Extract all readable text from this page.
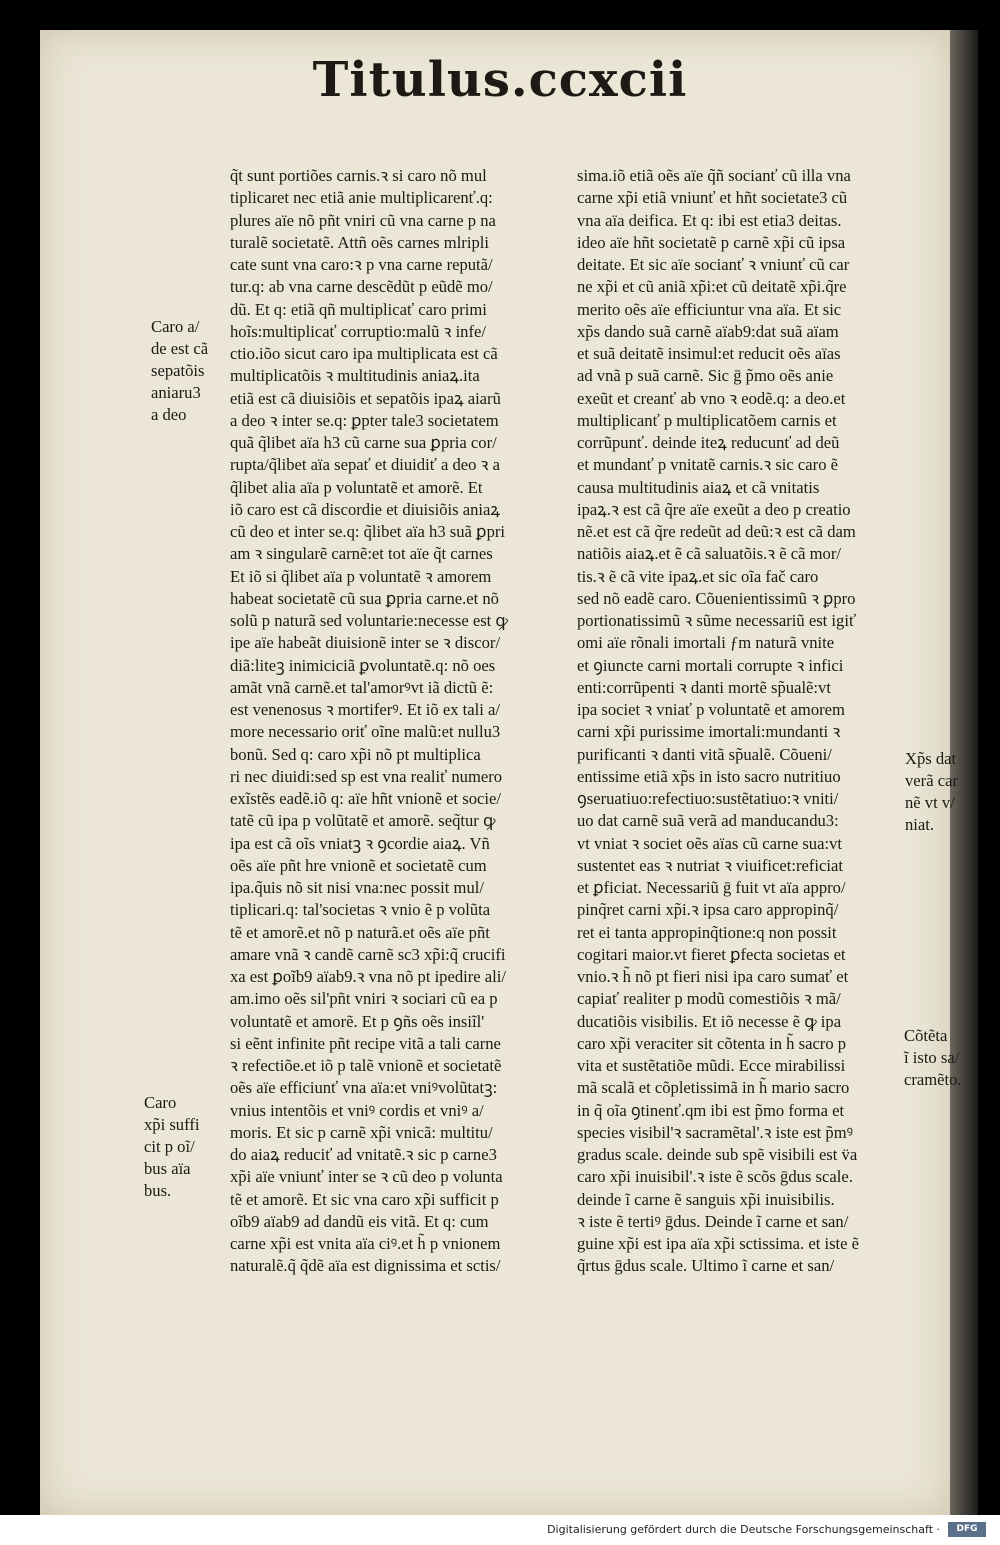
Titulus.ccxcii
q̃t sunt portiões carnis.ꝛ si caro nõ mul
tiplicaret nec etiã anie multiplicarenť.q:
plures aïe nõ pñt vniri cũ vna carne p na
turalẽ societatẽ. Attñ oẽs carnes mlripli
cate sunt vna caro:ꝛ p vna carne reputã/
tur.q: ab vna carne descẽdũt p eũdẽ mo/
dũ. Et q: etiã qñ multiplicať caro primi
hoĩs:multiplicať corruptio:malũ ꝛ infe/
ctio.iõo sicut caro ipa multiplicata est cã
multiplicatõis ꝛ multitudinis aniaꝝ.ita
etiã est cã diuisiõis et sepatõis ipaꝝ aiarũ
a deo ꝛ inter se.q: ꝑpter tale3 societatem
quã q̃libet aïa h3 cũ carne sua ꝑpria cor/
rupta/q̃libet aïa sepať et diuidiť a deo ꝛ a
q̃libet alia aïa p voluntatẽ et amorẽ. Et
iõ caro est cã discordie et diuisiõis aniaꝝ
cũ deo et inter se.q: q̃libet aïa h3 suã ꝑpri
am ꝛ singularẽ carnẽ:et tot aïe q̃t carnes
Et iõ si q̃libet aïa p voluntatẽ ꝛ amorem
habeat societatẽ cũ sua ꝑpria carne.et nõ
solũ p naturã sed voluntarie:necesse est ꝙ
ipe aïe habeãt diuisionẽ inter se ꝛ discor/
diã:liteꝫ inimiciciã ꝑvoluntatẽ.q: nõ oes
amãt vnã carnẽ.et tal'amorꝰvt iã dictũ ẽ:
est venenosus ꝛ mortiferꝰ. Et iõ ex tali a/
more necessario oriť oĩne malũ:et nullu3
bonũ. Sed q: caro xp̃i nõ pt multiplica
ri nec diuidi:sed sp est vna realiť numero
exĩstẽs eadẽ.iõ q: aïe hñt vnionẽ et socie/
tatẽ cũ ipa p volũtatẽ et amorẽ. seq̃tur ꝙ
ipa est cã oĩs vniatꝫ ꝛ ꝯcordie aiaꝝ. Vñ
oẽs aïe pñt hre vnionẽ et societatẽ cum
ipa.q̃uis nõ sit nisi vna:nec possit mul/
tiplicari.q: tal'societas ꝛ vnio ẽ p volũta
tẽ et amorẽ.et nõ p naturã.et oẽs aïe pñt
amare vnã ꝛ candẽ carnẽ sc3 xp̃i:q̃ crucifi
xa est ꝑoĩb9 aïab9.ꝛ vna nõ pt ipedire ali/
am.imo oẽs sil'pñt vniri ꝛ sociari cũ ea p
voluntatẽ et amorẽ. Et p ꝯñs oẽs insiĩl'
si eẽnt infinite pñt recipe vitã a tali carne
ꝛ refectiõe.et iõ p talẽ vnionẽ et societatẽ
oẽs aïe efficiunť vna aïa:et vniꝰvolũtatꝫ:
vnius intentõis et vniꝰ cordis et vniꝰ a/
moris. Et sic p carnẽ xp̃i vnicã: multitu/
do aiaꝝ reduciť ad vnitatẽ.ꝛ sic p carne3
xp̃i aïe vniunť inter se ꝛ cũ deo p volunta
tẽ et amorẽ. Et sic vna caro xp̃i sufficit p
oĩb9 aïab9 ad dandũ eis vitã. Et q: cum
carne xp̃i est vnita aïa ciꝰ.et h̃ p vnionem
naturalẽ.q̃ q̃dẽ aïa est dignissima et sctis/
sima.iõ etiã oẽs aïe q̃ñ socianť cũ illa vna
carne xp̃i etiã vniunť et hñt societate3 cũ
vna aïa deifica. Et q: ibi est etia3 deitas.
ideo aïe hñt societatẽ p carnẽ xp̃i cũ ipsa
deitate. Et sic aïe socianť ꝛ vniunť cũ car
ne xp̃i et cũ aniã xp̃i:et cũ deitatẽ xp̃i.q̃re
merito oẽs aïe efficiuntur vna aïa. Et sic
xp̃s dando suã carnẽ aïab9:dat suã aïam
et suã deitatẽ insimul:et reducit oẽs aïas
ad vnã p suã carnẽ. Sic ḡ p̃mo oẽs anie
exeũt et creanť ab vno ꝛ eodẽ.q: a deo.et
multiplicanť p multiplicatõem carnis et
corrũpunť. deinde iteꝝ reducunť ad deũ
et mundanť p vnitatẽ carnis.ꝛ sic caro ẽ
causa multitudinis aiaꝝ et cã vnitatis
ipaꝝ.ꝛ est cã q̃re aïe exeũt a deo p creatio
nẽ.et est cã q̃re redeũt ad deũ:ꝛ est cã dam
natiõis aiaꝝ.et ẽ cã saluatõis.ꝛ ẽ cã mor/
tis.ꝛ ẽ cã vite ipaꝝ.et sic oĩa fač caro
sed nõ eadẽ caro. Cõuenientissimũ ꝛ ꝑpro
portionatissimũ ꝛ sũme necessariũ est igiť
omi aïe rõnali imortali ƒm naturã vnite
et ꝯiuncte carni mortali corrupte ꝛ infici
enti:corrũpenti ꝛ danti mortẽ sp̃ualẽ:vt
ipa societ ꝛ vniať p voluntatẽ et amorem
carni xp̃i purissime imortali:mundanti ꝛ
purificanti ꝛ danti vitã sp̃ualẽ. Cõueni/
entissime etiã xp̃s in isto sacro nutritiuo
ꝯseruatiuo:refectiuo:sustẽtatiuo:ꝛ vniti/
uo dat carnẽ suã verã ad manducandu3:
vt vniat ꝛ societ oẽs aïas cũ carne sua:vt
sustentet eas ꝛ nutriat ꝛ viuificet:reficiat
et ꝑficiat. Necessariũ ḡ fuit vt aïa appro/
pinq̃ret carni xp̃i.ꝛ ipsa caro appropinq̃/
ret ei tanta appropinq̃tione:q non possit
cogitari maior.vt fieret ꝑfecta societas et
vnio.ꝛ h̃ nõ pt fieri nisi ipa caro sumať et
capiať realiter p modũ comestiõis ꝛ mã/
ducatiõis visibilis. Et iõ necesse ẽ ꝙ ipa
caro xp̃i veraciter sit cõtenta in h̃ sacro p
vita et sustẽtatiõe mũdi. Ecce mirabilissi
mã scalã et cõpletissimã in h̃ mario sacro
in q̃ oĩa ꝯtinenť.qm ibi est p̃mo forma et
species visibil'ꝛ sacramẽtal'.ꝛ iste est p̃mꝰ
gradus scale. deinde sub spẽ visibili est v̈a
caro xp̃i inuisibil'.ꝛ iste ẽ scõs ḡdus scale.
deinde ĩ carne ẽ sanguis xp̃i inuisibilis.
ꝛ iste ẽ tertiꝰ ḡdus. Deinde ĩ carne et san/
guine xp̃i est ipa aïa xp̃i sctissima. et iste ẽ
q̃rtus ḡdus scale. Ultimo ĩ carne et san/
Caro a/
de est cã
sepatõis
aniaru3
a deo
Caro
xp̃i suffi
cit p oĩ/
bus aïa
bus.
Xp̃s dat
verã car
nẽ vt v/
niat.
Cõtẽta
ĩ isto sa/
cramẽto.
Digitalisierung gefördert durch die Deutsche Forschungsgemeinschaft ·	DFG
